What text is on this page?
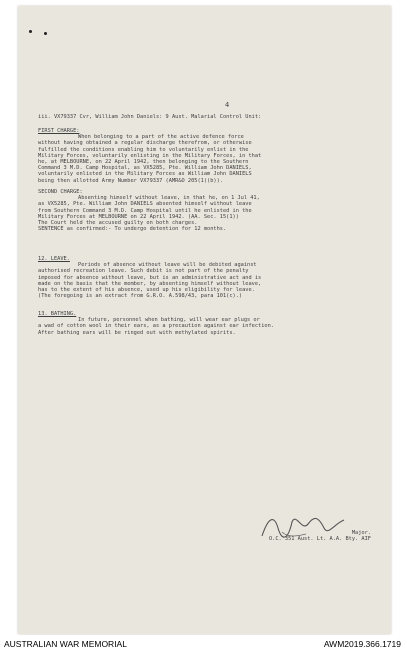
4
iii. VX79337 Cvr, William John Daniels: 9 Aust. Malarial Control Unit:
FIRST CHARGE:
When belonging to a part of the active defence force
without having obtained a regular discharge therefrom, or otherwise
fulfilled the conditions enabling him to voluntarily enlist in the
Military Forces, voluntarily enlisting in the Military Forces, in that
he, at MELBOURNE, on 22 April 1942, then belonging to the Southern
Command 3 M.D. Camp Hospital, as VX5285, Pte. William John DANIELS,
voluntarily enlisted in the Military Forces as William John DANIELS
being then allotted Army Number VX79337 (AMR&O 205(1)(b)).
SECOND CHARGE:
Absenting himself without leave, in that he, on 1 Jul 41,
as VX5285, Pte. William John DANIELS absented himself without leave
from Southern Command 3 M.D. Camp Hospital until he enlisted in the
Military Forces at MELBOURNE on 22 April 1942. (AA. Sec. 15(1))
The Court held the accused guilty on both charges.
SENTENCE as confirmed:- To undergo detention for 12 months.
12. LEAVE.
Periods of absence without leave will be debited against
authorised recreation leave. Such debit is not part of the penalty
imposed for absence without leave, but is an administrative act and is
made on the basis that the member, by absenting himself without leave,
has to the extent of his absence, used up his eligibility for leave.
(The foregoing is an extract from G.R.O. A.598/43, para 101(c).)
13. BATHING.
In future, personnel when bathing, will wear ear plugs or
a wad of cotton wool in their ears, as a precaution against ear infection.
After bathing ears will be ringed out with methylated spirits.
Major.
O.C. 351 Aust. Lt. A.A. Bty. AIF
AUSTRALIAN WAR MEMORIAL	AWM2019.366.1719
